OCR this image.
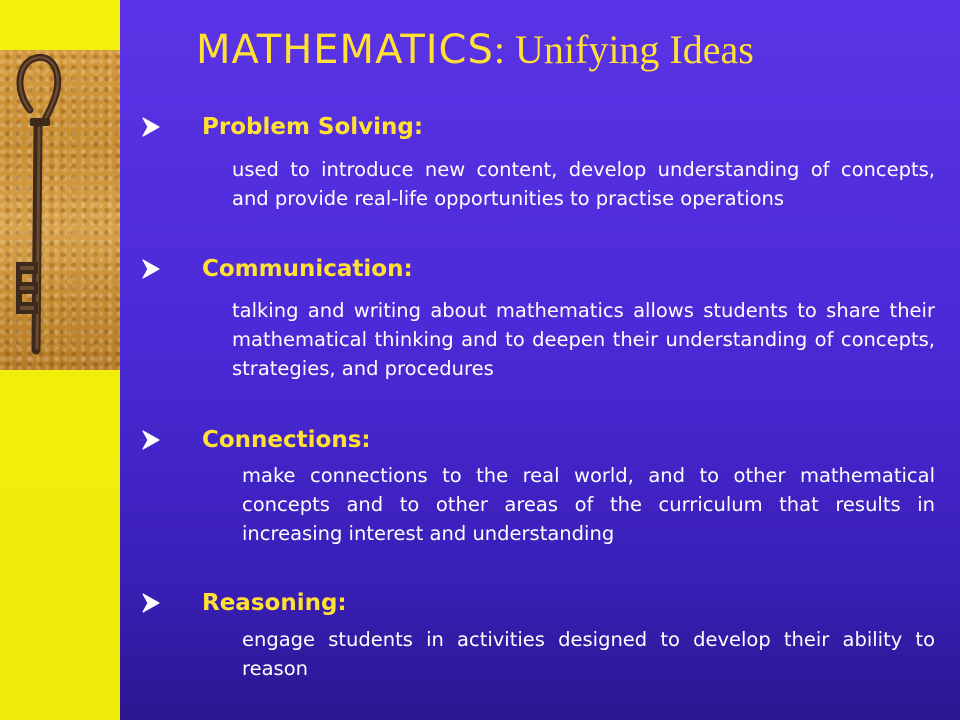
MATHEMATICS: Unifying Ideas
Problem Solving:

used to introduce new content, develop understanding of concepts, and provide real-life opportunities to practise operations

Communication:

talking and writing about mathematics allows students to share their mathematical thinking and to deepen their understanding of concepts, strategies, and procedures

Connections:

make connections to the real world, and to other mathematical concepts and to other areas of the curriculum that results in increasing interest and understanding

Reasoning:

engage students in activities designed to develop their ability to reason
